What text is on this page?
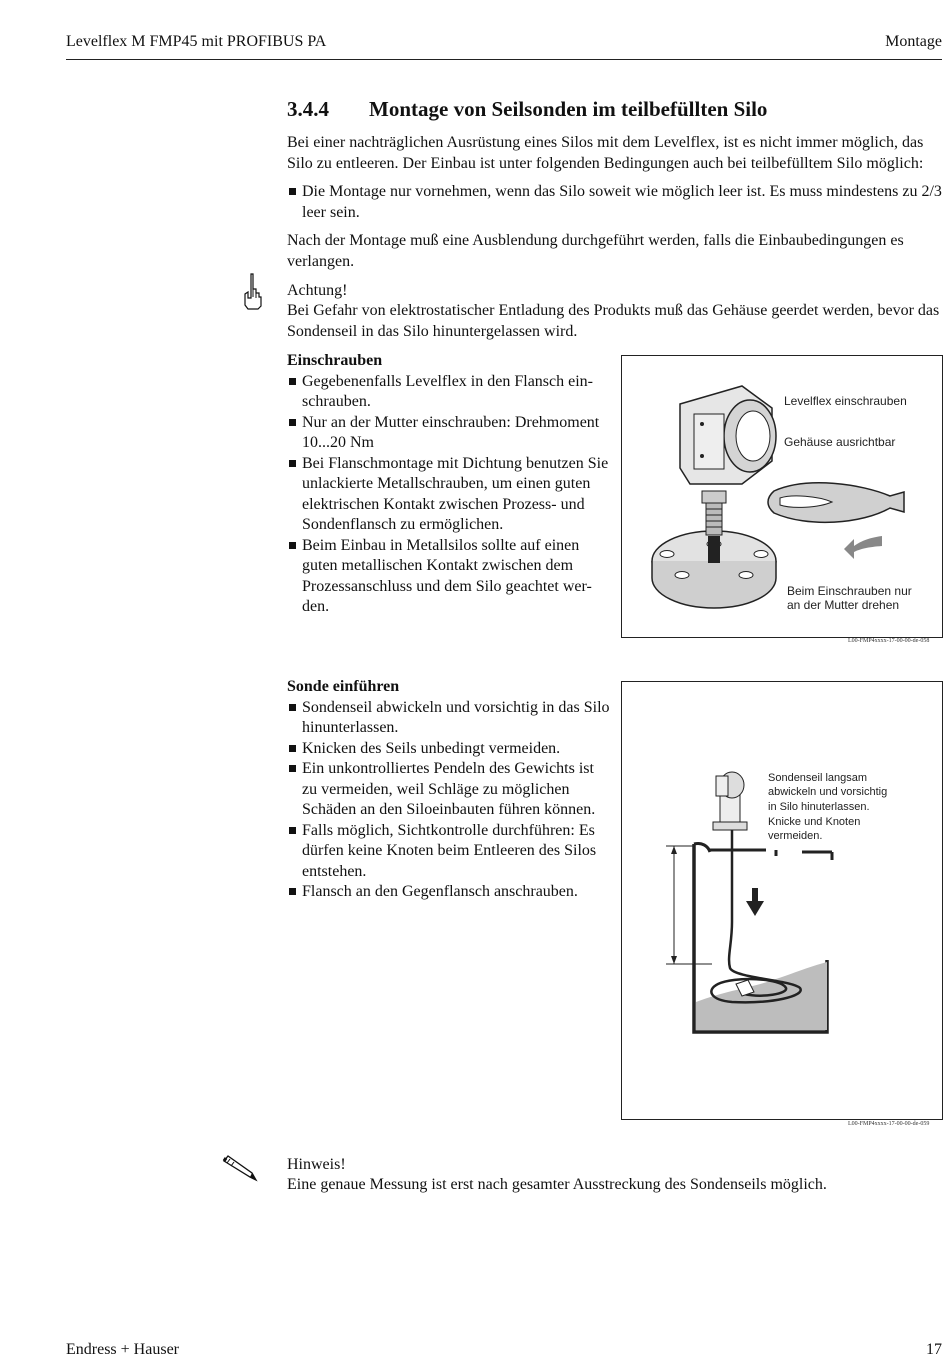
Levelflex M FMP45 mit PROFIBUS PA	Montage
3.4.4 Montage von Seilsonden im teilbefüllten Silo
Bei einer nachträglichen Ausrüstung eines Silos mit dem Levelflex, ist es nicht immer möglich, das Silo zu entleeren. Der Einbau ist unter folgenden Bedingungen auch bei teilbefülltem Silo möglich:
Die Montage nur vornehmen, wenn das Silo soweit wie möglich leer ist. Es muss mindestens zu 2/3 leer sein.
Nach der Montage muß eine Ausblendung durchgeführt werden, falls die Einbaubedingungen es verlangen.
Achtung!
Bei Gefahr von elektrostatischer Entladung des Produkts muß das Gehäuse geerdet werden, bevor das Sondenseil in das Silo hinuntergelassen wird.
Einschrauben
Gegebenenfalls Levelflex in den Flansch ein-schrauben.
Nur an der Mutter einschrauben: Drehmoment 10...20 Nm
Bei Flanschmontage mit Dichtung benutzen Sie unlackierte Metallschrauben, um einen guten elektrischen Kontakt zwischen Prozess- und Sondenflansch zu ermöglichen.
Beim Einbau in Metallsilos sollte auf einen guten metallischen Kontakt zwischen dem Prozessanschluss und dem Silo geachtet wer-den.
Levelflex einschrauben
Gehäuse ausrichtbar
Beim Einschrauben nur
an der Mutter drehen
L00-FMP4xxxx-17-00-00-de-058
Sonde einführen
Sondenseil abwickeln und vorsichtig in das Silo hinunterlassen.
Knicken des Seils unbedingt vermeiden.
Ein unkontrolliertes Pendeln des Gewichts ist zu vermeiden, weil Schläge zu möglichen Schäden an den Siloeinbauten führen können.
Falls möglich, Sichtkontrolle durchführen: Es dürfen keine Knoten beim Entleeren des Silos entstehen.
Flansch an den Gegenflansch anschrauben.
Sondenseil langsam
abwickeln und vorsichtig
in Silo hinuterlassen.
Knicke und Knoten
vermeiden.
L00-FMP4xxxx-17-00-00-de-059
Hinweis!
Eine genaue Messung ist erst nach gesamter Ausstreckung des Sondenseils möglich.
Endress + Hauser	17
